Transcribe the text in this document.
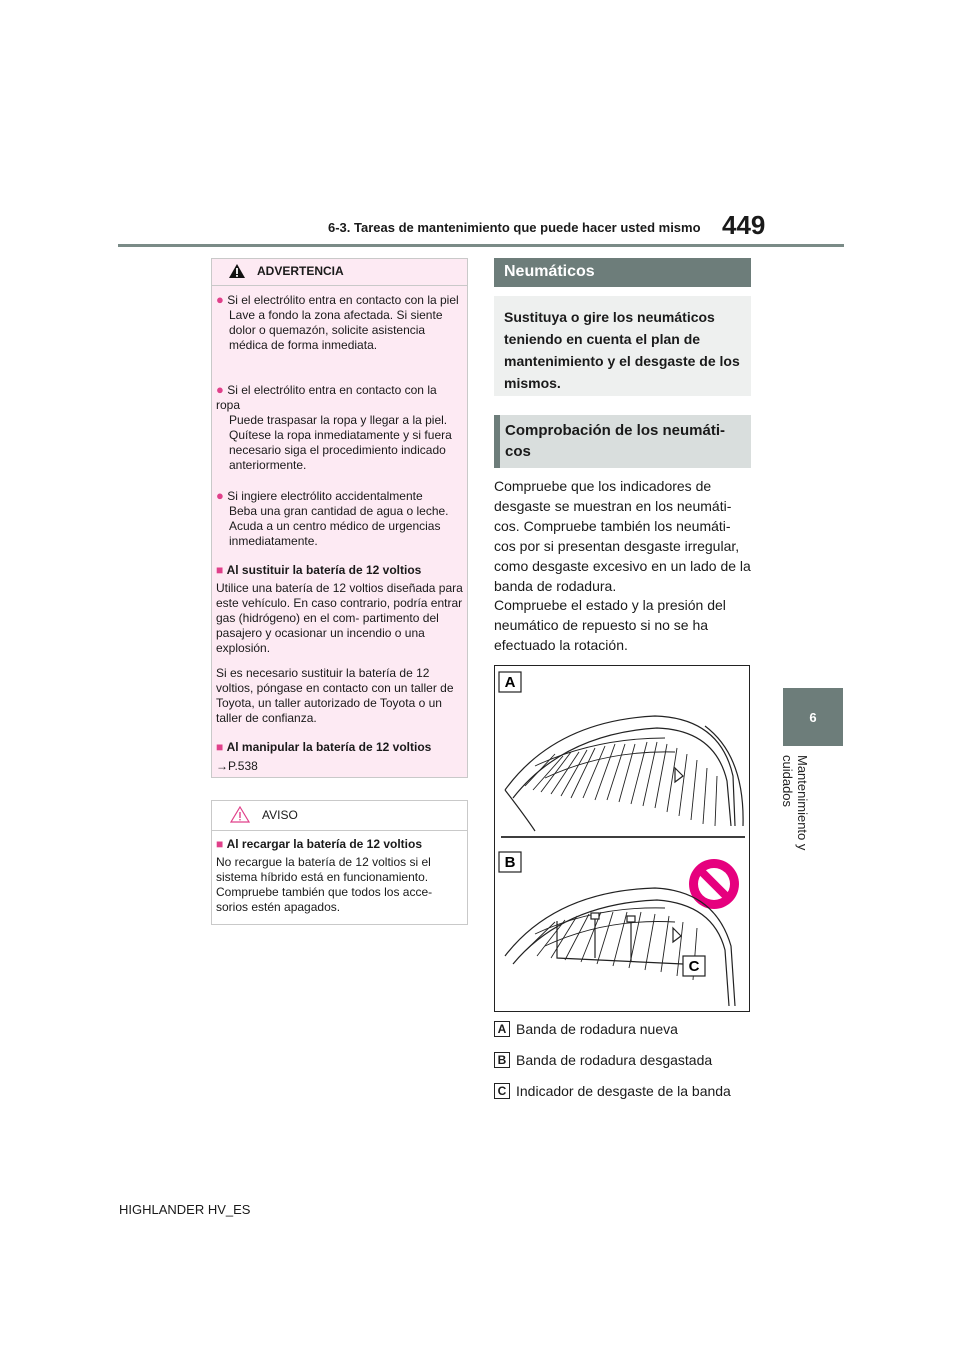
6-3. Tareas de mantenimiento que puede hacer usted mismo 449
6
Mantenimiento y cuidados
ADVERTENCIA
● Si el electrólito entra en contacto con la piel
Lave a fondo la zona afectada. Si siente dolor o quemazón, solicite asistencia médica de forma inmediata.
● Si el electrólito entra en contacto con la ropa
Puede traspasar la ropa y llegar a la piel. Quítese la ropa inmediatamente y si fuera necesario siga el procedimiento indicado anteriormente.
● Si ingiere electrólito accidentalmente
Beba una gran cantidad de agua o leche. Acuda a un centro médico de urgencias inmediatamente.
■ Al sustituir la batería de 12 voltios
Utilice una batería de 12 voltios diseñada para este vehículo. En caso contrario, podría entrar gas (hidrógeno) en el com- partimento del pasajero y ocasionar un incendio o una explosión.
Si es necesario sustituir la batería de 12 voltios, póngase en contacto con un taller de Toyota, un taller autorizado de Toyota o un taller de confianza.
■ Al manipular la batería de 12 voltios
→P.538
AVISO
■ Al recargar la batería de 12 voltios
No recargue la batería de 12 voltios si el sistema híbrido está en funcionamiento. Compruebe también que todos los acce- sorios estén apagados.
Neumáticos
Sustituya o gire los neumáticos teniendo en cuenta el plan de mantenimiento y el desgaste de los mismos.
Comprobación de los neumáti- cos
Compruebe que los indicadores de desgaste se muestran en los neumáti- cos. Compruebe también los neumáti- cos por si presentan desgaste irregular, como desgaste excesivo en un lado de la banda de rodadura.
Compruebe el estado y la presión del neumático de repuesto si no se ha efectuado la rotación.
A
B
C
A Banda de rodadura nueva
B Banda de rodadura desgastada
C Indicador de desgaste de la banda
HIGHLANDER HV_ES
